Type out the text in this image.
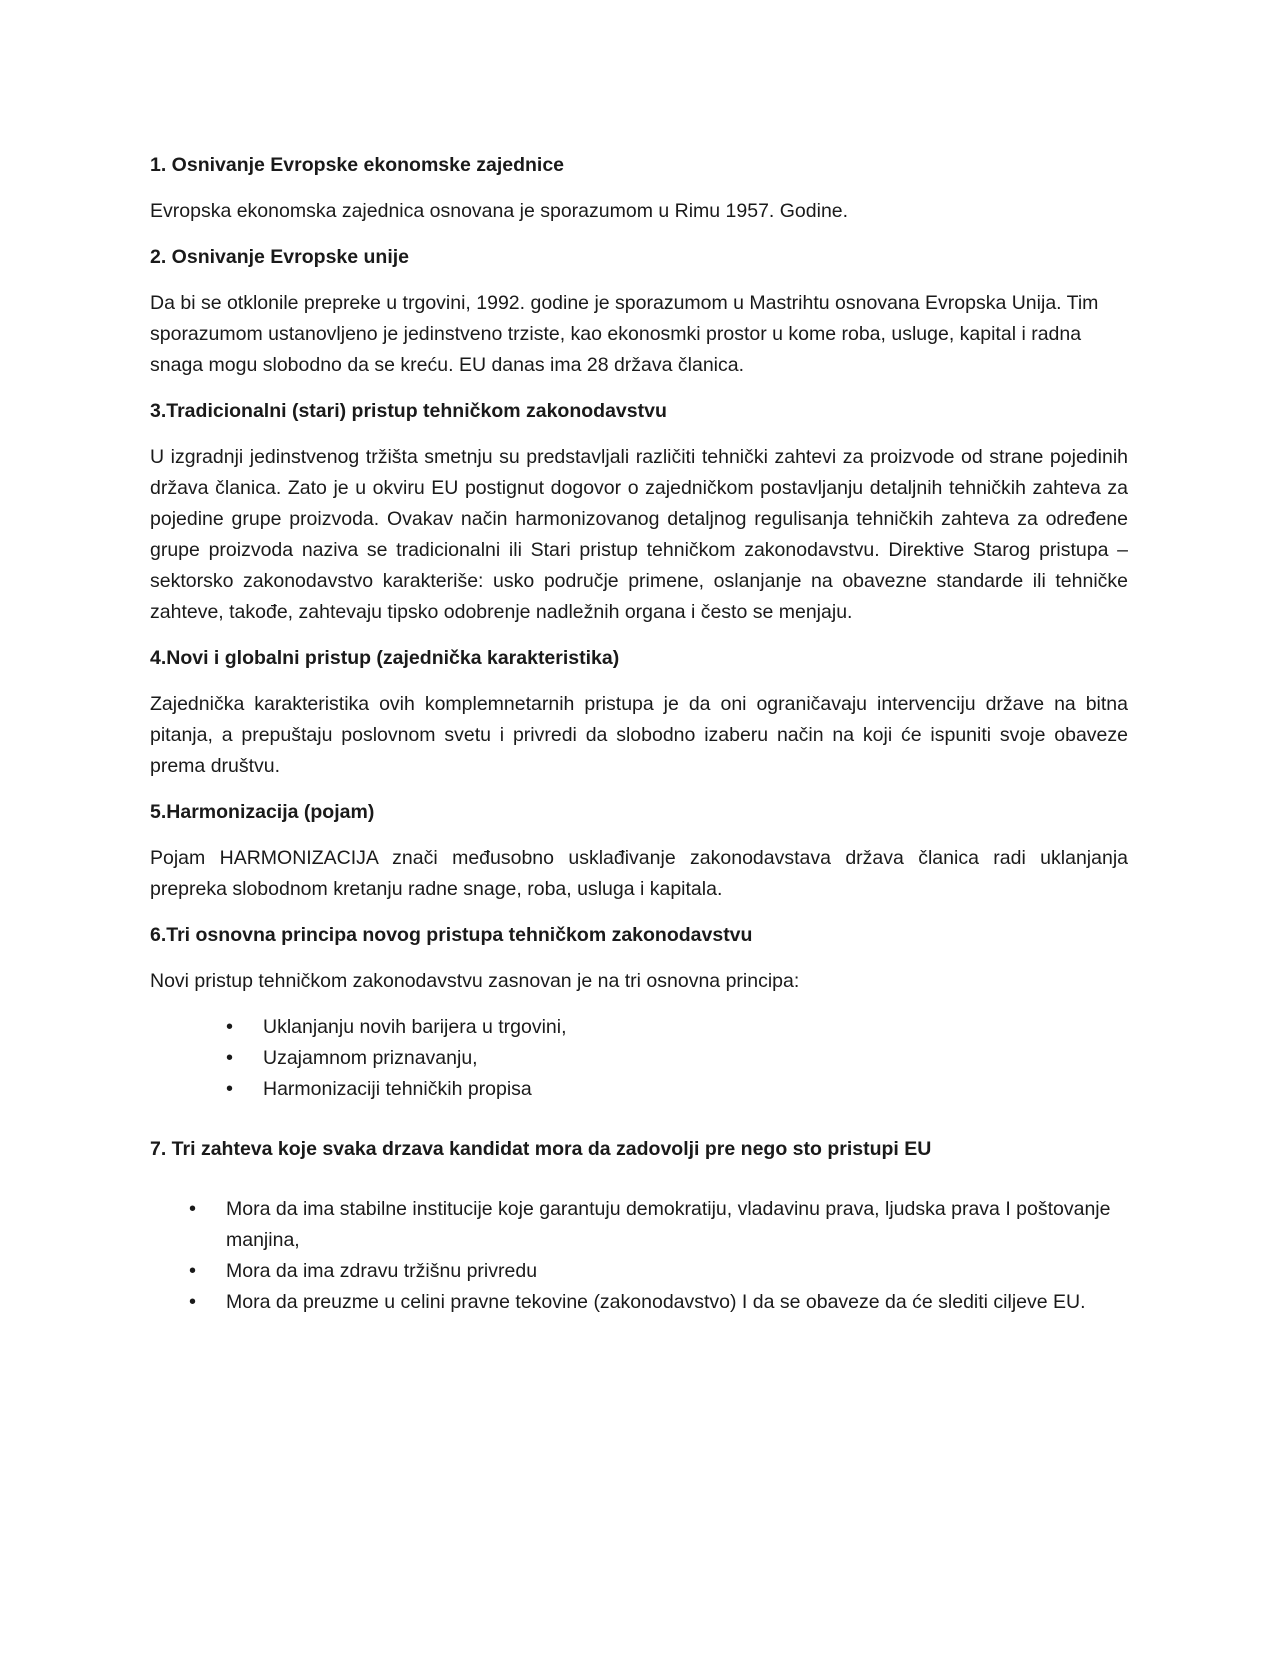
1. Osnivanje Evropske ekonomske zajednice
Evropska ekonomska zajednica osnovana je sporazumom u Rimu 1957. Godine.
2. Osnivanje Evropske unije
Da bi se otklonile prepreke u trgovini, 1992. godine je sporazumom u Mastrihtu osnovana Evropska Unija. Tim sporazumom ustanovljeno je jedinstveno trziste, kao ekonosmki prostor u kome roba, usluge, kapital i radna snaga mogu slobodno da se kreću. EU danas ima 28 država članica.
3.Tradicionalni (stari) pristup tehničkom zakonodavstvu
U izgradnji jedinstvenog tržišta smetnju su predstavljali različiti tehnički zahtevi za proizvode od strane pojedinih država članica. Zato je u okviru EU postignut dogovor o zajedničkom postavljanju detaljnih tehničkih zahteva za pojedine grupe proizvoda. Ovakav način harmonizovanog detaljnog regulisanja tehničkih zahteva za određene grupe proizvoda naziva se tradicionalni ili Stari pristup tehničkom zakonodavstvu. Direktive Starog pristupa – sektorsko zakonodavstvo karakteriše: usko područje primene, oslanjanje na obavezne standarde ili tehničke zahteve, takođe, zahtevaju tipsko odobrenje nadležnih organa i često se menjaju.
4.Novi i globalni pristup (zajednička karakteristika)
Zajednička karakteristika ovih komplemnetarnih pristupa je da oni ograničavaju intervenciju države na bitna pitanja, a prepuštaju poslovnom svetu i privredi da slobodno izaberu način na koji će ispuniti svoje obaveze prema društvu.
5.Harmonizacija (pojam)
Pojam HARMONIZACIJA znači međusobno usklađivanje zakonodavstava država članica radi uklanjanja prepreka slobodnom kretanju radne snage, roba, usluga i kapitala.
6.Tri osnovna principa novog pristupa tehničkom zakonodavstvu
Novi pristup tehničkom zakonodavstvu zasnovan je na tri osnovna principa:
• Uklanjanju novih barijera u trgovini,
• Uzajamnom priznavanju,
• Harmonizaciji tehničkih propisa
7. Tri zahteva koje svaka drzava kandidat mora da zadovolji pre nego sto pristupi EU
• Mora da ima stabilne institucije koje garantuju demokratiju, vladavinu prava, ljudska prava I poštovanje manjina,
• Mora da ima zdravu tržišnu privredu
• Mora da preuzme u celini pravne tekovine (zakonodavstvo) I da se obaveze da će slediti ciljeve EU.
